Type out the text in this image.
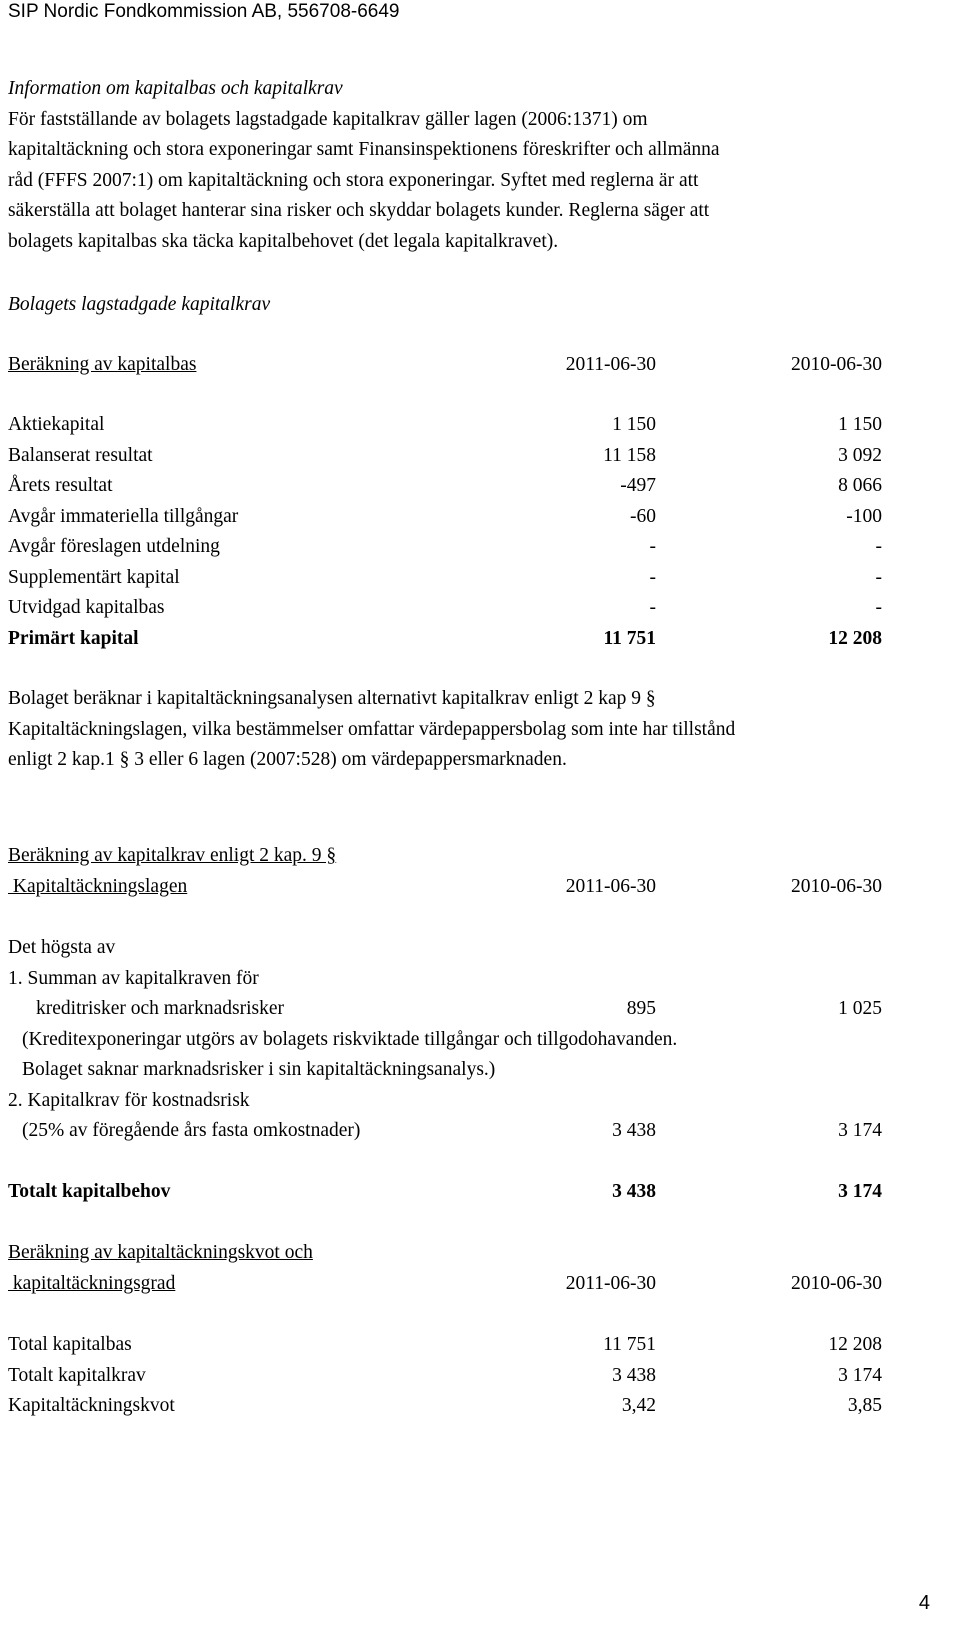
SIP Nordic Fondkommission AB, 556708-6649
Information om kapitalbas och kapitalkrav
För fastställande av bolagets lagstadgade kapitalkrav gäller lagen (2006:1371) om
kapitaltäckning och stora exponeringar samt Finansinspektionens föreskrifter och allmänna
råd (FFFS 2007:1) om kapitaltäckning och stora exponeringar. Syftet med reglerna är att
säkerställa att bolaget hanterar sina risker och skyddar bolagets kunder. Reglerna säger att
bolagets kapitalbas ska täcka kapitalbehovet (det legala kapitalkravet).
Bolagets lagstadgade kapitalkrav
Beräkning av kapitalbas	2011-06-30	2010-06-30
Aktiekapital	1 150	1 150
Balanserat resultat	11 158	3 092
Årets resultat	-497	8 066
Avgår immateriella tillgångar	-60	-100
Avgår föreslagen utdelning	-	-
Supplementärt kapital	-	-
Utvidgad kapitalbas	-	-
Primärt kapital	11 751	12 208
Bolaget beräknar i kapitaltäckningsanalysen alternativt kapitalkrav enligt 2 kap 9 §
Kapitaltäckningslagen, vilka bestämmelser omfattar värdepappersbolag som inte har tillstånd
enligt 2 kap.1 § 3 eller 6 lagen (2007:528) om värdepappersmarknaden.
Beräkning av kapitalkrav enligt 2 kap. 9 §
Kapitaltäckningslagen	2011-06-30	2010-06-30
Det högsta av
1. Summan av kapitalkraven för
kreditrisker och marknadsrisker	895	1 025
(Kreditexponeringar utgörs av bolagets riskviktade tillgångar och tillgodohavanden.
Bolaget saknar marknadsrisker i sin kapitaltäckningsanalys.)
2. Kapitalkrav för kostnadsrisk
(25% av föregående års fasta omkostnader)	3 438	3 174
Totalt kapitalbehov	3 438	3 174
Beräkning av kapitaltäckningskvot och
kapitaltäckningsgrad	2011-06-30	2010-06-30
Total kapitalbas	11 751	12 208
Totalt kapitalkrav	3 438	3 174
Kapitaltäckningskvot	3,42	3,85
4
